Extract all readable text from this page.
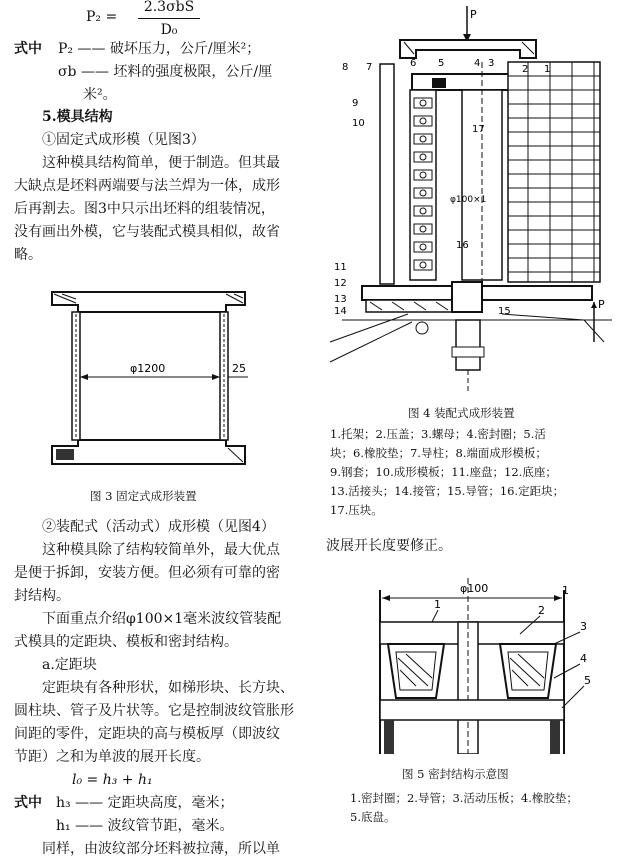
P₂ =
2.3σbS
D₀
式中 P₂ —— 破坏压力，公斤/厘米²；
σb —— 坯料的强度极限，公斤/厘
米²。
5.模具结构
①固定式成形模（见图3）
这种模具结构简单，便于制造。但其最
大缺点是坯料两端要与法兰焊为一体，成形
后再割去。图3中只示出坯料的组装情况，
没有画出外模，它与装配式模具相似，故省
略。
φ1200	25
图 3 固定式成形装置
②装配式（活动式）成形模（见图4）
这种模具除了结构较简单外，最大优点
是便于拆卸，安装方便。但必须有可靠的密
封结构。
下面重点介绍φ100×1毫米波纹管装配
式模具的定距块、模板和密封结构。
a.定距块
定距块有各种形状，如梯形块、长方块、
圆柱块、管子及片状等。它是控制波纹管胀形
间距的零件，定距块的高与模板厚（即波纹
节距）之和为单波的展开长度。
l₀ = h₃ + h₁
式中 h₃ —— 定距块高度，毫米；
h₁ —— 波纹管节距，毫米。
同样，由波纹部分坯料被拉薄，所以单
P
8 7	6 5	4 3
2 1
9
10
17
φ100×1
16
11
12
13
14	15
P
图 4 装配式成形装置
1.托架；2.压盖；3.螺母；4.密封圈；5.活
块；6.橡胶垫；7.导柱；8.端面成形模板；
9.钢套；10.成形模板；11.座盘；12.底座；
13.活接头；14.接管；15.导管；16.定距块；
17.压块。
波展开长度要修正。
φ100
1
1
2
3
4
5
图 5 密封结构示意图
1.密封圈；2.导管；3.活动压板；4.橡胶垫；
5.底盘。
